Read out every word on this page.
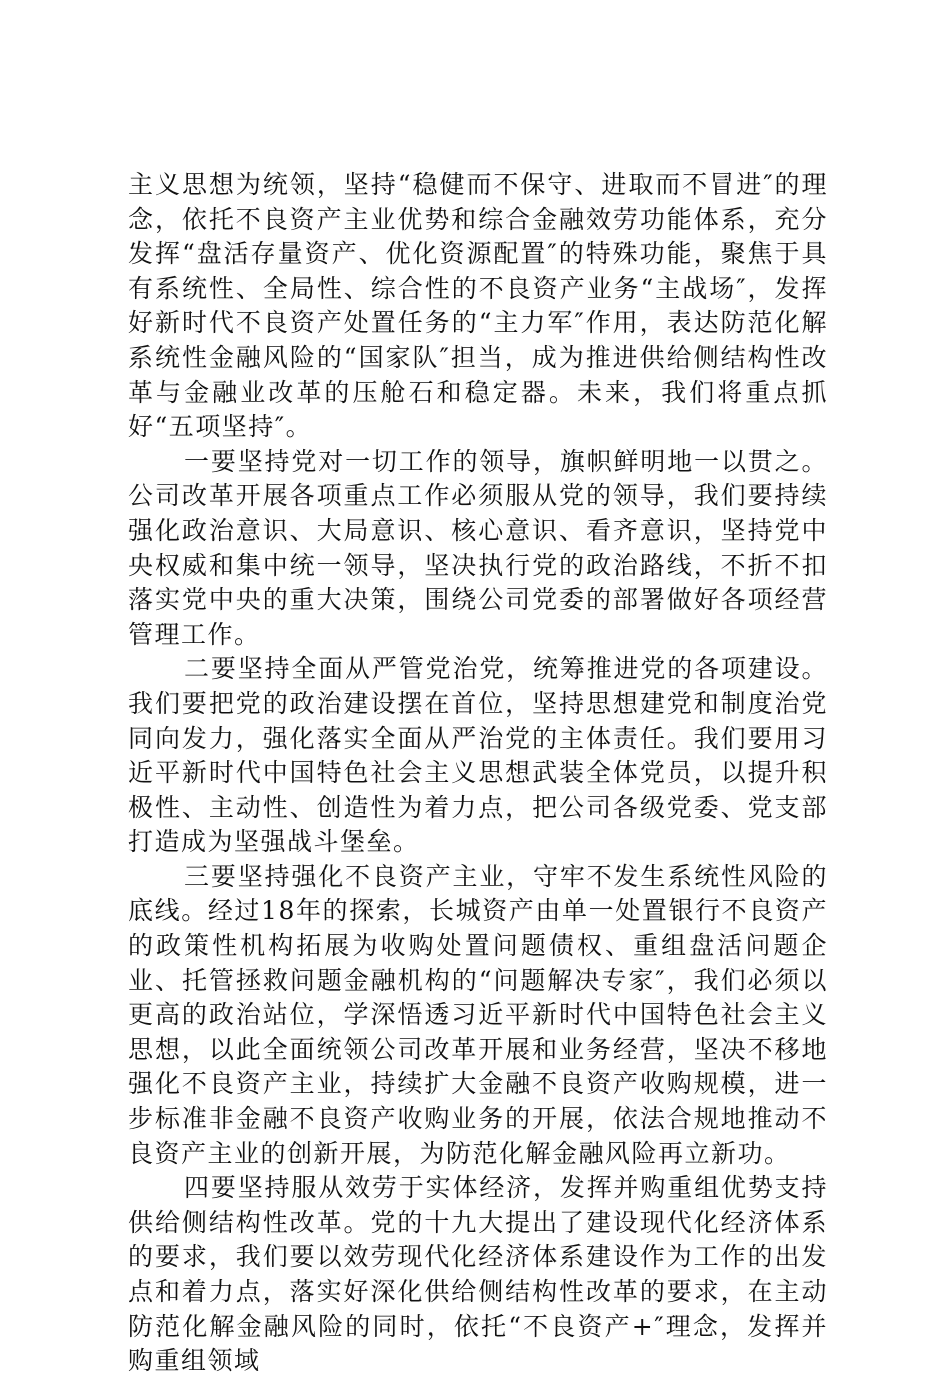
主义思想为统领，坚持“稳健而不保守、进取而不冒进″的理念，依托不良资产主业优势和综合金融效劳功能体系，充分发挥“盘活存量资产、优化资源配置″的特殊功能，聚焦于具有系统性、全局性、综合性的不良资产业务“主战场″，发挥好新时代不良资产处置任务的“主力军″作用，表达防范化解系统性金融风险的“国家队″担当，成为推进供给侧结构性改革与金融业改革的压舱石和稳定器。未来，我们将重点抓好“五项坚持″。

一要坚持党对一切工作的领导，旗帜鲜明地一以贯之。公司改革开展各项重点工作必须服从党的领导，我们要持续强化政治意识、大局意识、核心意识、看齐意识，坚持党中央权威和集中统一领导，坚决执行党的政治路线，不折不扣落实党中央的重大决策，围绕公司党委的部署做好各项经营管理工作。

二要坚持全面从严管党治党，统筹推进党的各项建设。我们要把党的政治建设摆在首位，坚持思想建党和制度治党同向发力，强化落实全面从严治党的主体责任。我们要用习近平新时代中国特色社会主义思想武装全体党员，以提升积极性、主动性、创造性为着力点，把公司各级党委、党支部打造成为坚强战斗堡垒。

三要坚持强化不良资产主业，守牢不发生系统性风险的底线。经过18年的探索，长城资产由单一处置银行不良资产的政策性机构拓展为收购处置问题债权、重组盘活问题企业、托管拯救问题金融机构的“问题解决专家″，我们必须以更高的政治站位，学深悟透习近平新时代中国特色社会主义思想，以此全面统领公司改革开展和业务经营，坚决不移地强化不良资产主业，持续扩大金融不良资产收购规模，进一步标准非金融不良资产收购业务的开展，依法合规地推动不良资产主业的创新开展，为防范化解金融风险再立新功。

四要坚持服从效劳于实体经济，发挥并购重组优势支持供给侧结构性改革。党的十九大提出了建设现代化经济体系的要求，我们要以效劳现代化经济体系建设作为工作的出发点和着力点，落实好深化供给侧结构性改革的要求，在主动防范化解金融风险的同时，依托“不良资产+″理念，发挥并购重组领域
